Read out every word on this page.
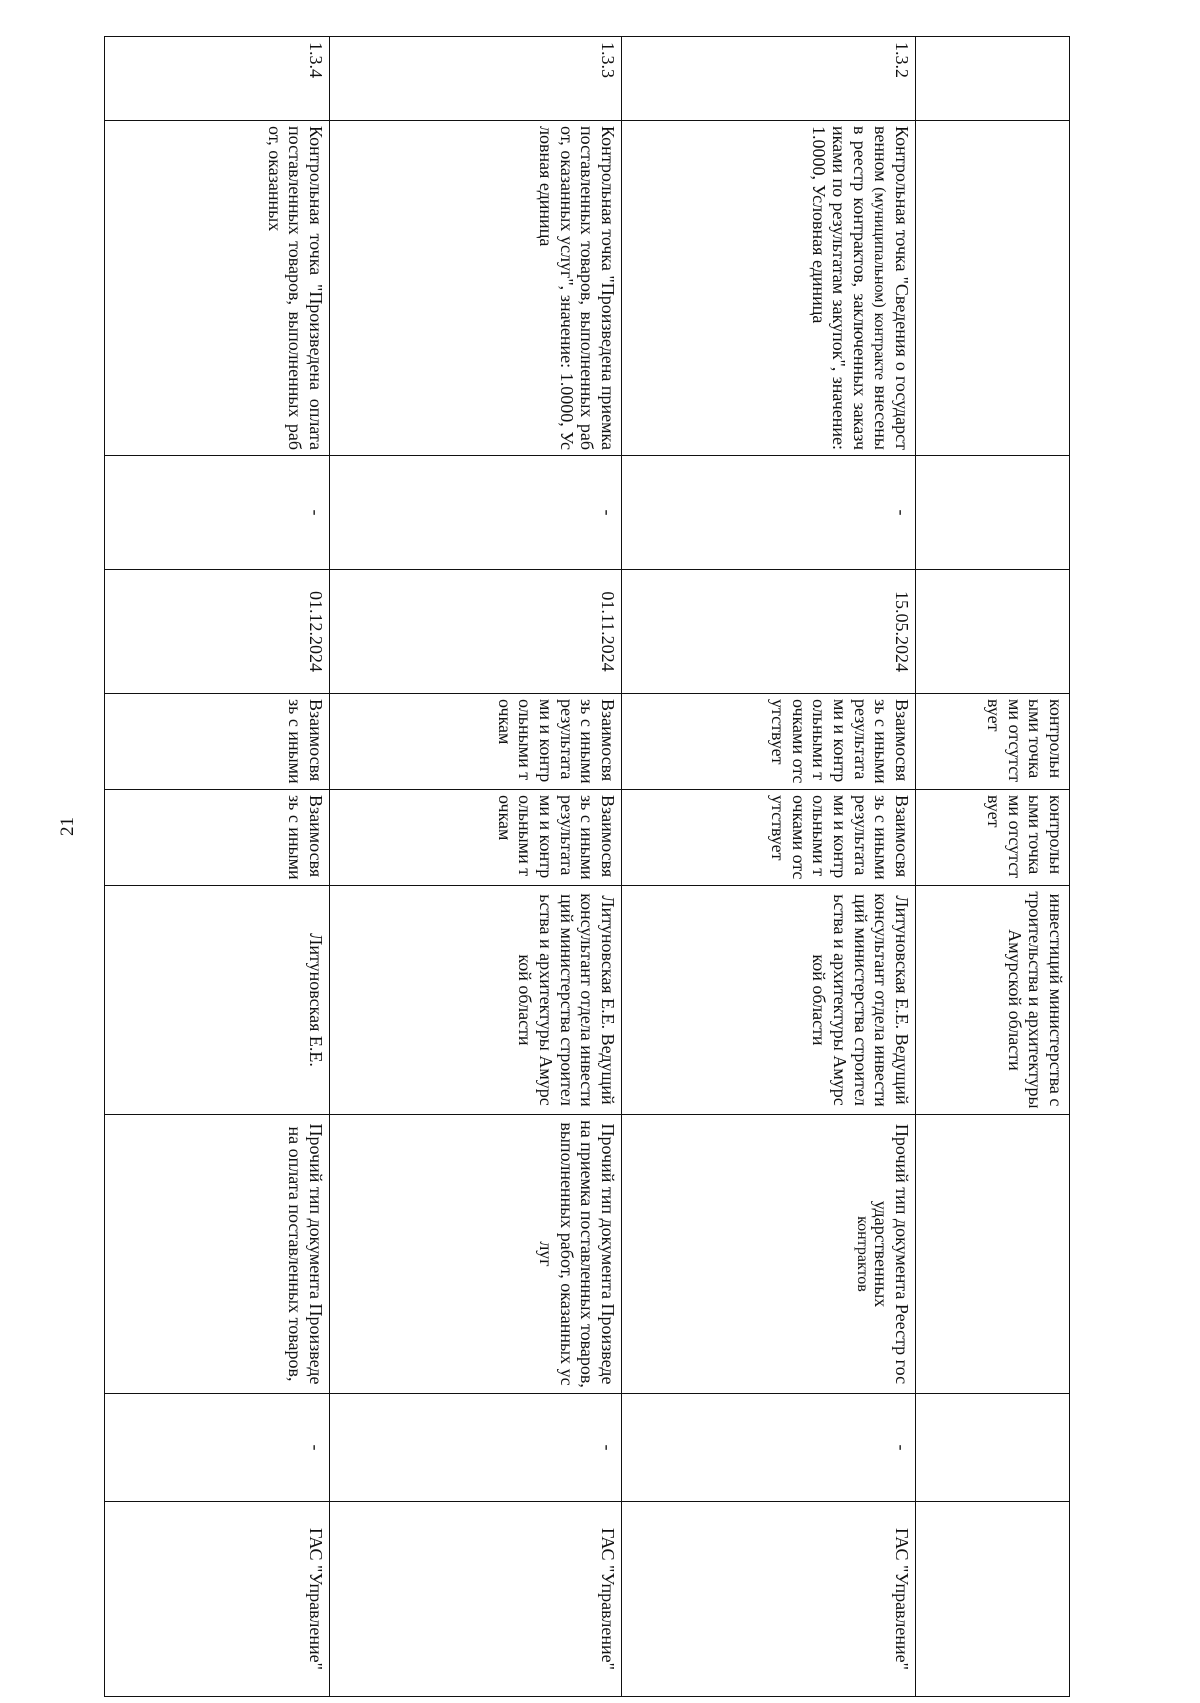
21
				контрольными точками отсутствует	контрольными точками отсутствует	инвестиций министерства строительства и архитектуры Амурской области			
1.3.2	Контрольная точка "Сведения о государственном (муниципальном) контракте внесены в реестр контрактов, заключенных заказчиками по результатам закупок", значение: 1.0000, Условная единица	-	15.05.2024	Взаимосвязь с иными результатами и контрольными точками отсутствует	Взаимосвязь с иными результатами и контрольными точками отсутствует	Литуновская Е.Е. Ведущий консультант отдела инвестиций министерства строительства и архитектуры Амурской области	Прочий тип документа Реестр государственных
контрактов	-	ГАС "Управление"
1.3.3	Контрольная точка "Произведена приемка поставленных товаров, выполненных работ, оказанных услуг", значение: 1.0000, Условная единица	-	01.11.2024	Взаимосвязь с иными результатами и контрольными точкам	Взаимосвязь с иными результатами и контрольными точкам	Литуновская Е.Е. Ведущий консультант отдела инвестиций министерства строительства и архитектуры Амурской области	Прочий тип документа Произведена приемка поставленных товаров, выполненных работ, оказанных услуг	-	ГАС "Управление"
1.3.4	Контрольная точка "Произведена оплата поставленных товаров, выполненных работ, оказанных	-	01.12.2024	Взаимосвязь с иными	Взаимосвязь с иными	Литуновская Е.Е.	Прочий тип документа Произведена оплата поставленных товаров,	-	ГАС "Управление"
